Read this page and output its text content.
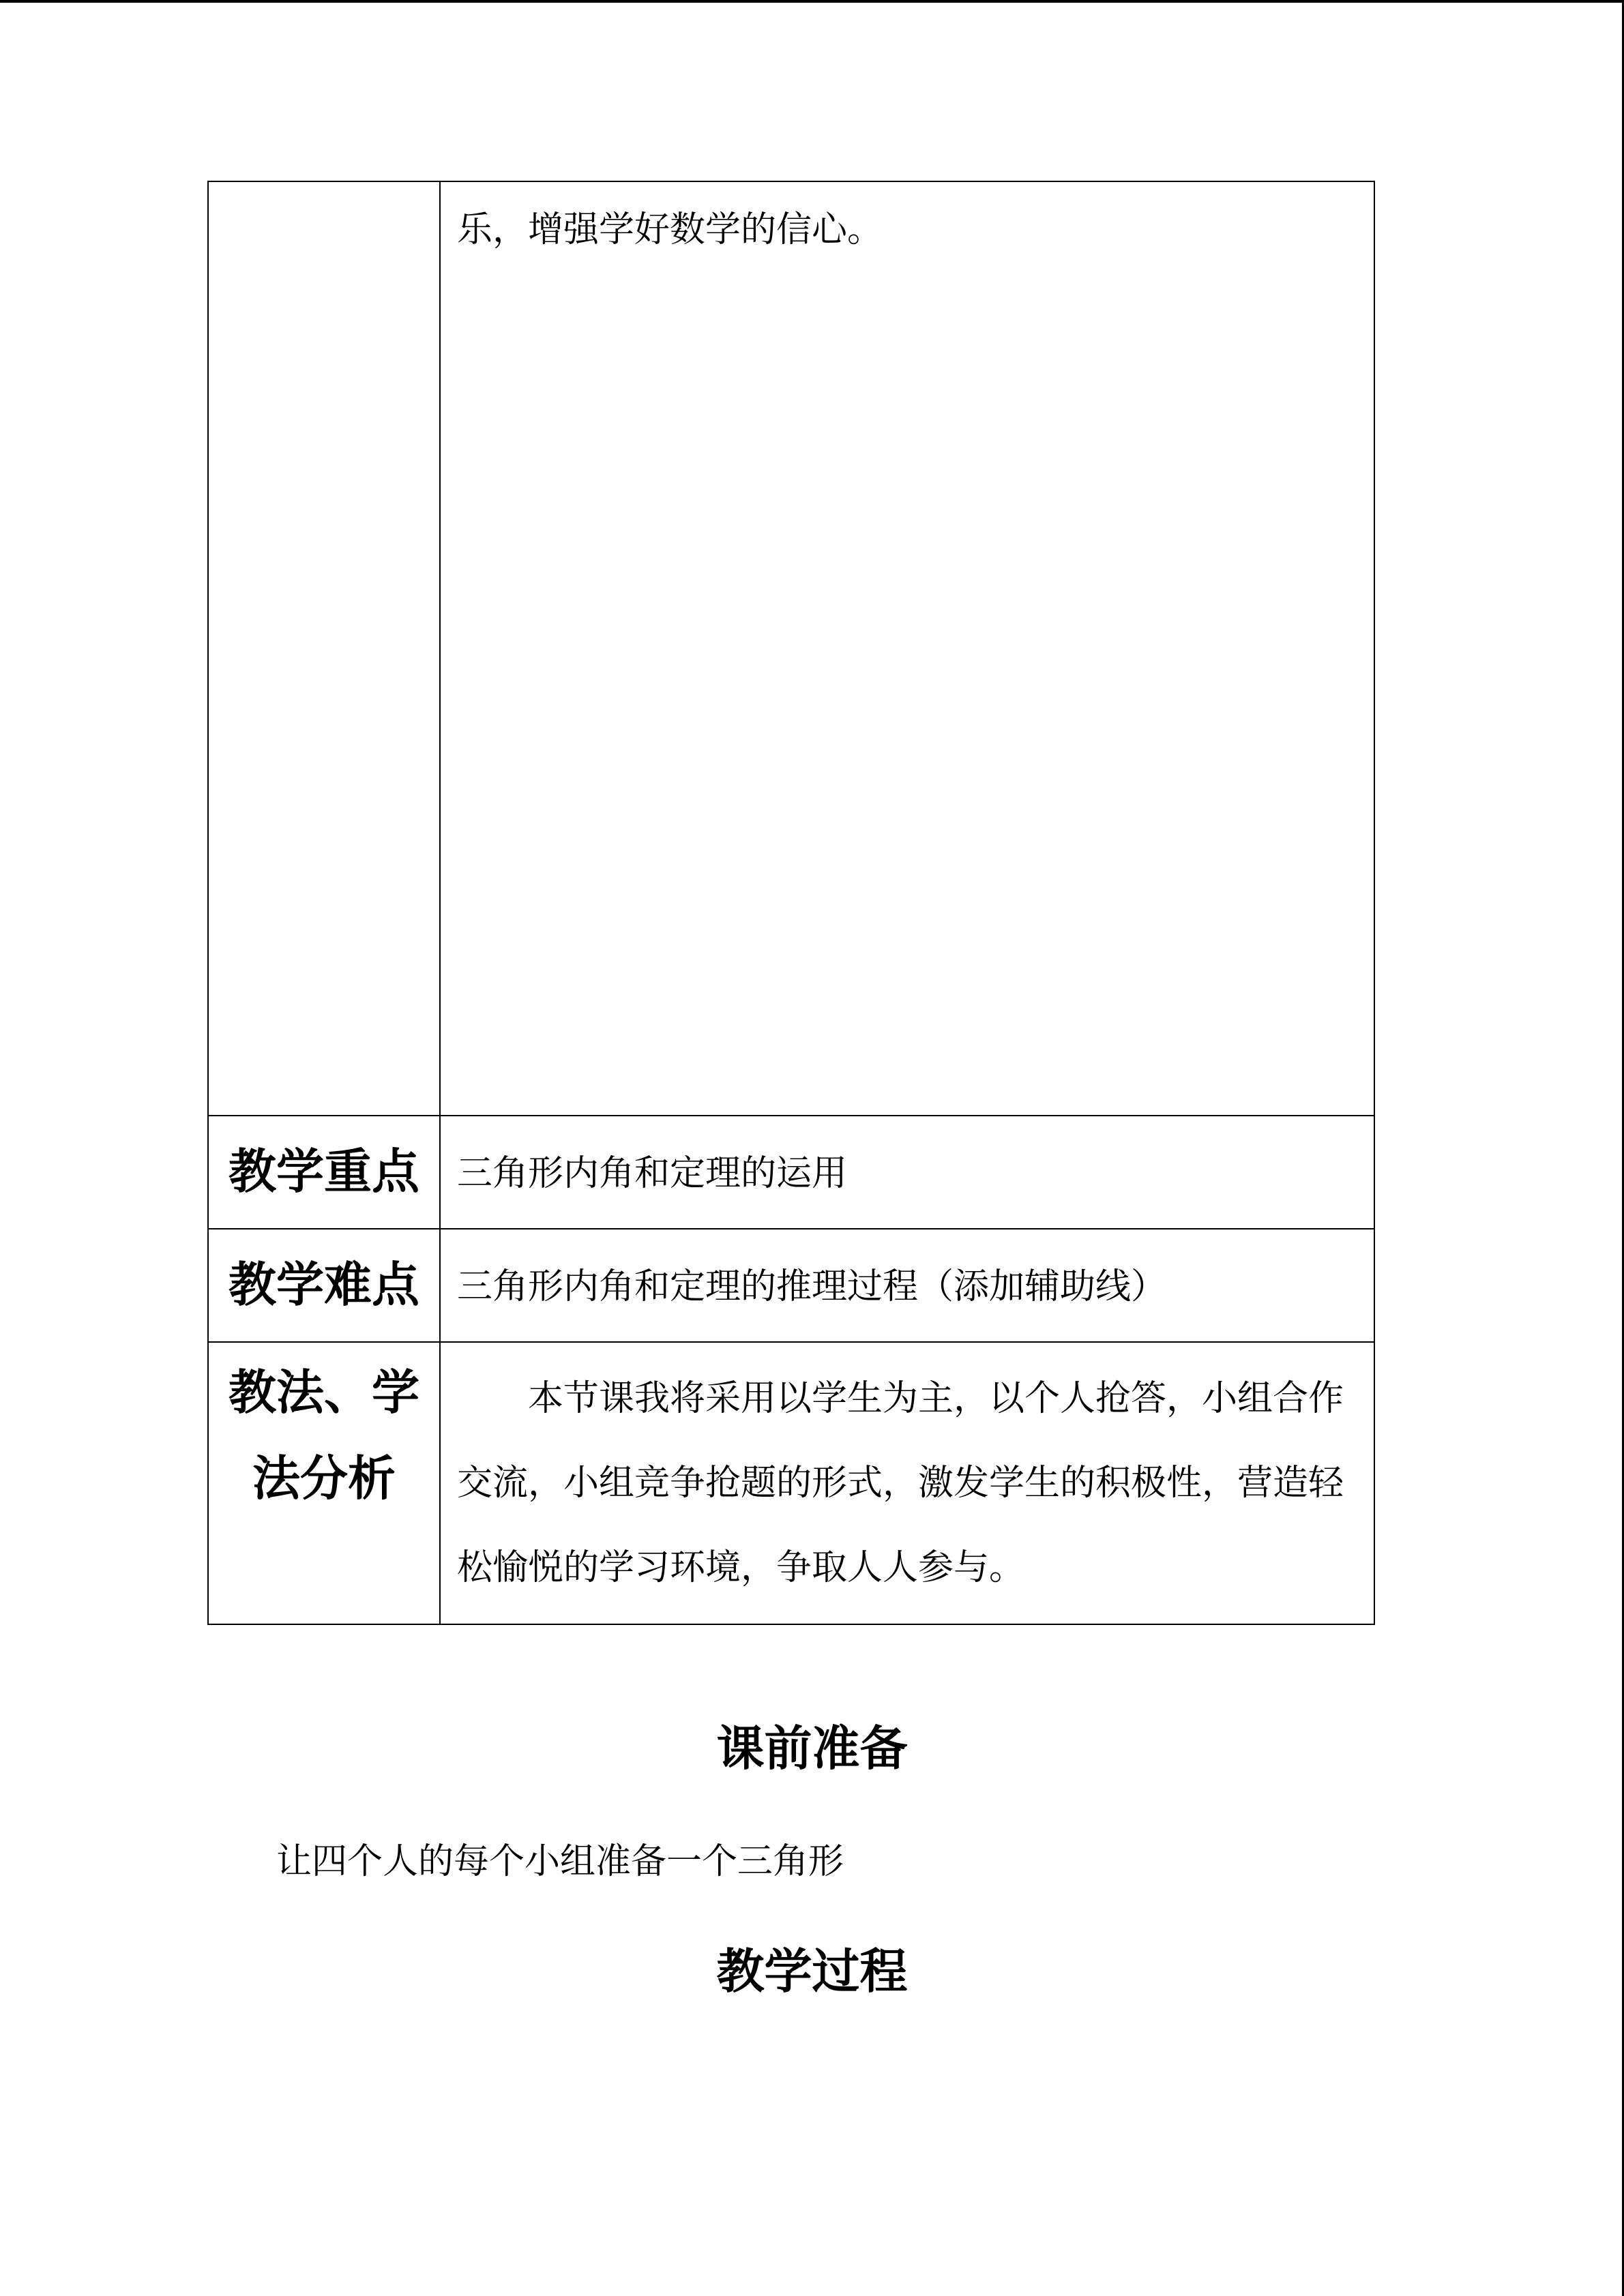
	乐，增强学好数学的信心。
教学重点	三角形内角和定理的运用
教学难点	三角形内角和定理的推理过程（添加辅助线）
教法、学法分析	本节课我将采用以学生为主，以个人抢答，小组合作交流，小组竞争抢题的形式，激发学生的积极性，营造轻松愉悦的学习环境，争取人人参与。
课前准备
让四个人的每个小组准备一个三角形
教学过程
